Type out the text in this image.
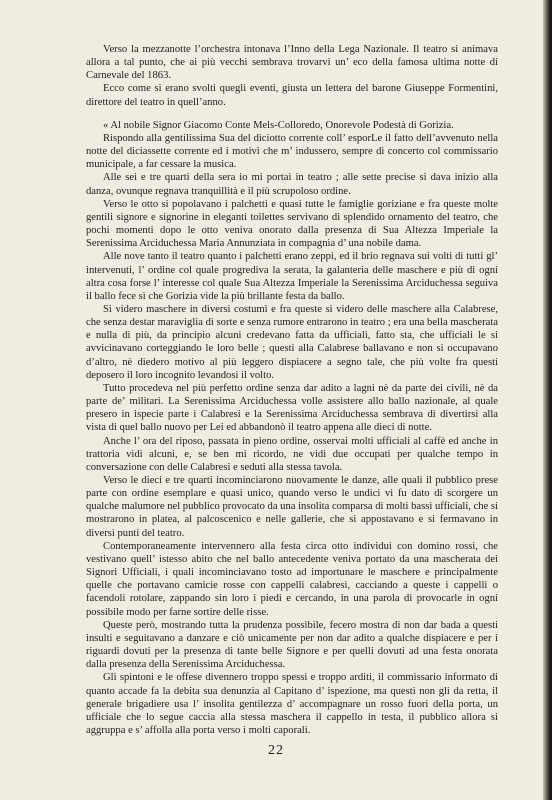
Verso la mezzanotte l’orchestra intonava l’Inno della Lega Nazionale. Il teatro si animava allora a tal punto, che ai più vecchi sembrava trovarvi un’ eco della famosa ultima notte di Carnevale del 1863.

Ecco come si erano svolti quegli eventi, giusta un lettera del barone Giuseppe Formentini, direttore del teatro in quell’anno.

« Al nobile Signor Giacomo Conte Mels-Colloredo, Onorevole Podestà di Gorizia.

Rispondo alla gentilissima Sua del diciotto corrente coll’ esporLe il fatto dell’avvenuto nella notte del diciassette corrente ed i motivi che m’ indussero, sempre di concerto col commissario municipale, a far cessare la musica.

Alle sei e tre quarti della sera io mi portai in teatro ; alle sette precise si dava inizio alla danza, ovunque regnava tranquillità e il più scrupoloso ordine.

Verso le otto si popolavano i palchetti e quasi tutte le famiglie goriziane e fra queste molte gentili signore e signorine in eleganti toilettes servivano di splendido ornamento del teatro, che pochi momenti dopo le otto veniva onorato dalla presenza di Sua Altezza Imperiale la Serenissima Arciduchessa Maria Annunziata in compagnia d’ una nobile dama.

Alle nove tanto il teatro quanto i palchetti erano zeppi, ed il brio regnava sui volti di tutti gl’ intervenuti, l’ ordine col quale progrediva la serata, la galanteria delle maschere e più di ogni altra cosa forse l’ interesse col quale Sua Altezza Imperiale la Serenissima Arciduchessa seguiva il ballo fece sì che Gorizia vide la più brillante festa da ballo.

Si videro maschere in diversi costumi e fra queste si videro delle maschere alla Calabrese, che senza destar maraviglia di sorte e senza rumore entrarono in teatro ; era una bella mascherata e nulla di più, da principio alcuni credevano fatta da ufficiali, fatto sta, che ufficiali le si avvicinavano corteggiando le loro belle ; questi alla Calabrese ballavano e non si occupavano d’altro, nè diedero motivo al più leggero dispiacere a segno tale, che più volte fra questi deposero il loro incognito levandosi il volto.

Tutto procedeva nel più perfetto ordine senza dar adito a lagni nè da parte dei civili, nè da parte de’ militari. La Serenissima Arciduchessa volle assistere allo ballo nazionale, al quale presero in ispecie parte i Calabresi e la Serenissima Arciduchessa sembrava di divertirsi alla vista di quel ballo nuovo per Lei ed abbandonò il teatro appena alle dieci di notte.

Anche l’ ora del riposo, passata in pieno ordine, osservai molti ufficiali al caffè ed anche in trattoria vidi alcuni, e, se ben mi ricordo, ne vidi due occupati per qualche tempo in conversazione con delle Calabresi e seduti alla stessa tavola.

Verso le dieci e tre quarti incominciarono nuovamente le danze, alle quali il pubblico prese parte con ordine esemplare e quasi unico, quando verso le undici vi fu dato di scorgere un qualche malumore nel pubblico provocato da una insolita comparsa di molti bassi ufficiali, che si mostrarono in platea, al palcoscenico e nelle gallerie, che si appostavano e si fermavano in diversi punti del teatro.

Contemporaneamente intervennero alla festa circa otto individui con domino rossi, che vestivano quell’ istesso abito che nel ballo antecedente veniva portato da una mascherata dei Signori Ufficiali, i quali incominciavano tosto ad importunare le maschere e principalmente quelle che portavano camicie rosse con cappelli calabresi, cacciando a queste i cappelli o facendoli rotolare, zappando sin loro i piedi e cercando, in una parola di provocarle in ogni possibile modo per farne sortire delle risse.

Queste però, mostrando tutta la prudenza possibile, fecero mostra di non dar bada a questi insulti e seguitavano a danzare e ciò unicamente per non dar adito a qualche dispiacere e per i riguardi dovuti per la presenza di tante belle Signore e per quelli dovuti ad una festa onorata dalla presenza della Serenissima Arciduchessa.

Gli spintoni e le offese divennero troppo spessi e troppo arditi, il commissario informato di quanto accade fa la debita sua denunzia al Capitano d’ ispezione, ma questi non gli da retta, il generale brigadiere usa l’ insolita gentilezza d’ accompagnare un rosso fuori della porta, un ufficiale che lo segue caccia alla stessa maschera il cappello in testa, il pubblico allora si aggruppa e s’ affolla alla porta verso i molti caporali.

22
